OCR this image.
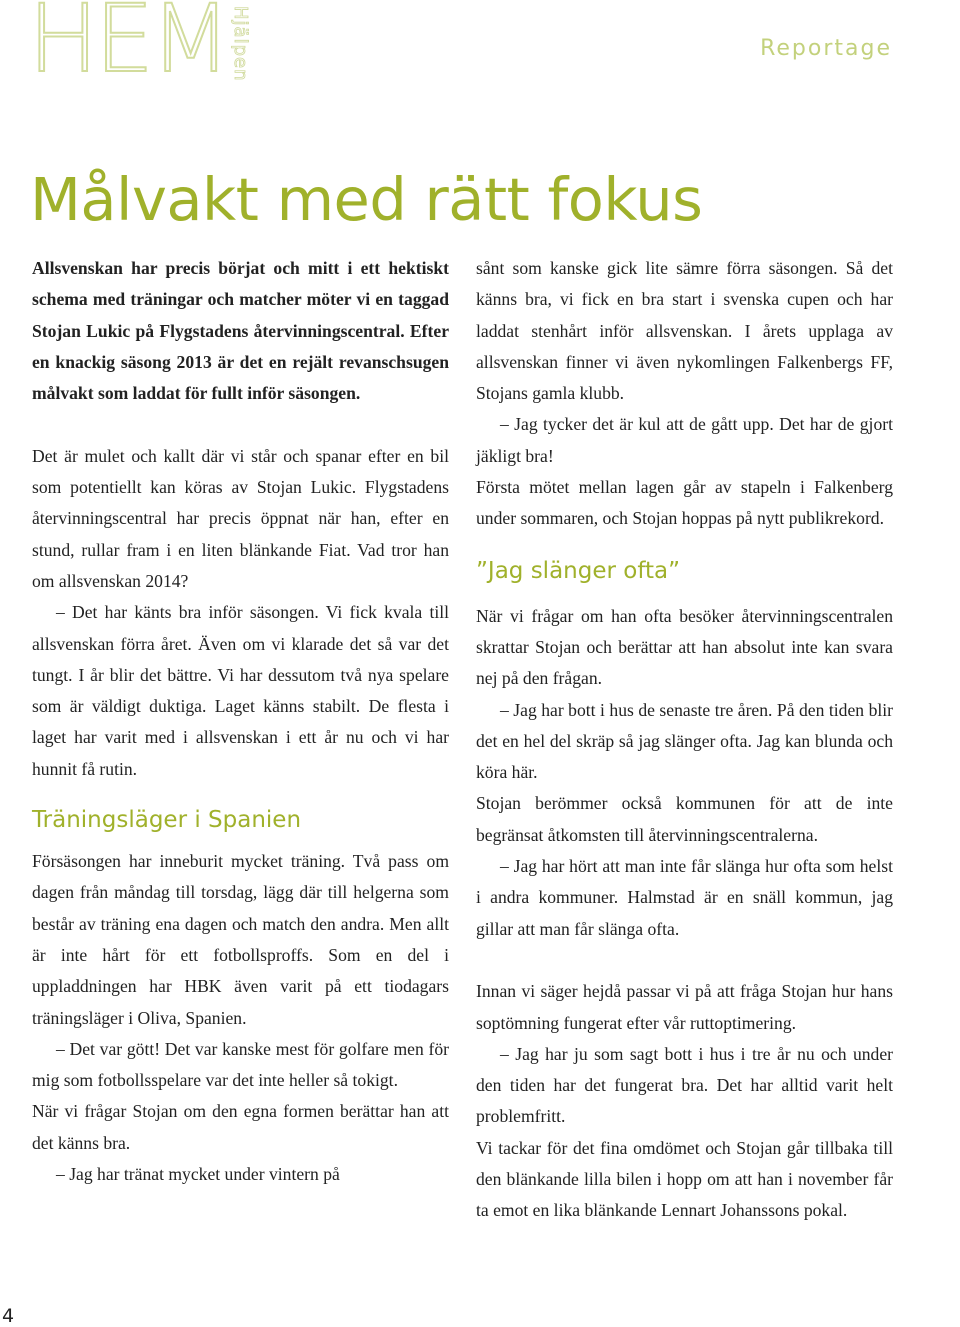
HEM Hjälpen	Reportage
Målvakt med rätt fokus

Allsvenskan har precis börjat och mitt i ett hektiskt schema med träningar och matcher möter vi en taggad Stojan Lukic på Flygstadens återvinningscentral. Efter en knackig säsong 2013 är det en rejält revanschsugen målvakt som laddat för fullt inför säsongen.

Det är mulet och kallt där vi står och spanar efter en bil som potentiellt kan köras av Stojan Lukic. Flygstadens återvinningscentral har precis öppnat när han, efter en stund, rullar fram i en liten blänkande Fiat. Vad tror han om allsvenskan 2014?

– Det har känts bra inför säsongen. Vi fick kvala till allsvenskan förra året. Även om vi klarade det så var det tungt. I år blir det bättre. Vi har dessutom två nya spelare som är väldigt duktiga. Laget känns stabilt. De flesta i laget har varit med i allsvenskan i ett år nu och vi har hunnit få rutin.

Träningsläger i Spanien

Försäsongen har inneburit mycket träning. Två pass om dagen från måndag till torsdag, lägg där till helgerna som består av träning ena dagen och match den andra. Men allt är inte hårt för ett fotbollsproffs. Som en del i uppladdningen har HBK även varit på ett tiodagars träningsläger i Oliva, Spanien.

– Det var gött! Det var kanske mest för golfare men för mig som fotbollsspelare var det inte heller så tokigt.

När vi frågar Stojan om den egna formen berättar han att det känns bra.

– Jag har tränat mycket under vintern på

sånt som kanske gick lite sämre förra säsongen. Så det känns bra, vi fick en bra start i svenska cupen och har laddat stenhårt inför allsvenskan. I årets upplaga av allsvenskan finner vi även nykomlingen Falkenbergs FF, Stojans gamla klubb.

– Jag tycker det är kul att de gått upp. Det har de gjort jäkligt bra!

Första mötet mellan lagen går av stapeln i Falkenberg under sommaren, och Stojan hoppas på nytt publikrekord.

”Jag slänger ofta”

När vi frågar om han ofta besöker återvinningscentralen skrattar Stojan och berättar att han absolut inte kan svara nej på den frågan.

– Jag har bott i hus de senaste tre åren. På den tiden blir det en hel del skräp så jag slänger ofta. Jag kan blunda och köra här.

Stojan berömmer också kommunen för att de inte begränsat åtkomsten till återvinningscentralerna.

– Jag har hört att man inte får slänga hur ofta som helst i andra kommuner. Halmstad är en snäll kommun, jag gillar att man får slänga ofta.

Innan vi säger hejdå passar vi på att fråga Stojan hur hans soptömning fungerat efter vår ruttoptimering.

– Jag har ju som sagt bott i hus i tre år nu och under den tiden har det fungerat bra. Det har alltid varit helt problemfritt.

Vi tackar för det fina omdömet och Stojan går tillbaka till den blänkande lilla bilen i hopp om att han i november får ta emot en lika blänkande Lennart Johanssons pokal.

4
